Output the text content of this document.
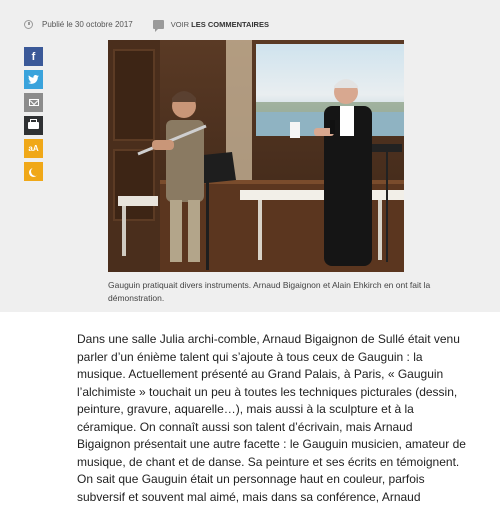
Publié le 30 octobre 2017	VOIR LES COMMENTAIRES
f
aA
Gauguin pratiquait divers instruments. Arnaud Bigaignon et Alain Ehkirch en ont fait la démonstration.

Dans une salle Julia archi-comble, Arnaud Bigaignon de Sullé était venu parler d’un énième talent qui s’ajoute à tous ceux de Gauguin : la musique. Actuellement présenté au Grand Palais, à Paris, « Gauguin l’alchimiste » touchait un peu à toutes les techniques picturales (dessin, peinture, gravure, aquarelle…), mais aussi à la sculpture et à la céramique. On connaît aussi son talent d’écrivain, mais Arnaud Bigaignon présentait une autre facette : le Gauguin musicien, amateur de musique, de chant et de danse. Sa peinture et ses écrits en témoignent. On sait que Gauguin était un personnage haut en couleur, parfois subversif et souvent mal aimé, mais dans sa conférence, Arnaud
